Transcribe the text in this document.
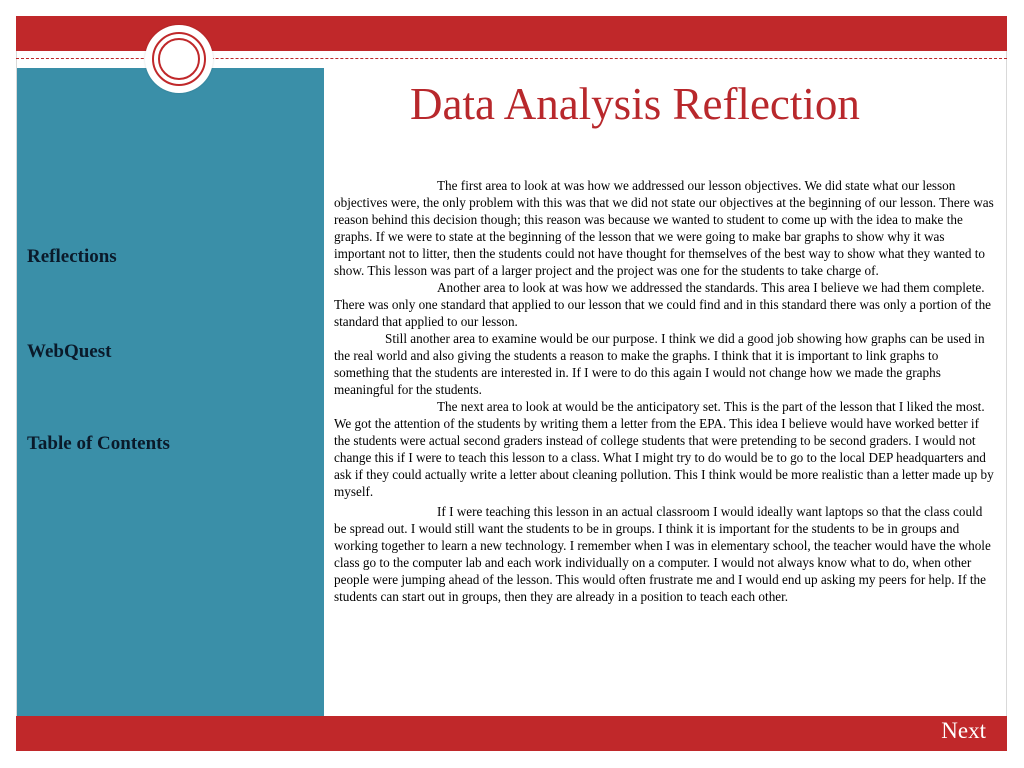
Reflections
WebQuest
Table of Contents
Data Analysis Reflection

The first area to look at was how we addressed our lesson objectives. We did state what our lesson objectives were, the only problem with this was that we did not state our objectives at the beginning of our lesson. There was reason behind this decision though; this reason was because we wanted to student to come up with the idea to make the graphs. If we were to state at the beginning of the lesson that we were going to make bar graphs to show why it was important not to litter, then the students could not have thought for themselves of the best way to show what they wanted to show. This lesson was part of a larger project and the project was one for the students to take charge of.

Another area to look at was how we addressed the standards. This area I believe we had them complete. There was only one standard that applied to our lesson that we could find and in this standard there was only a portion of the standard that applied to our lesson.

Still another area to examine would be our purpose. I think we did a good job showing how graphs can be used in the real world and also giving the students a reason to make the graphs. I think that it is important to link graphs to something that the students are interested in. If I were to do this again I would not change how we made the graphs meaningful for the students.

The next area to look at would be the anticipatory set. This is the part of the lesson that I liked the most. We got the attention of the students by writing them a letter from the EPA. This idea I believe would have worked better if the students were actual second graders instead of college students that were pretending to be second graders. I would not change this if I were to teach this lesson to a class. What I might try to do would be to go to the local DEP headquarters and ask if they could actually write a letter about cleaning pollution. This I think would be more realistic than a letter made up by myself.

If I were teaching this lesson in an actual classroom I would ideally want laptops so that the class could be spread out. I would still want the students to be in groups. I think it is important for the students to be in groups and working together to learn a new technology. I remember when I was in elementary school, the teacher would have the whole class go to the computer lab and each work individually on a computer. I would not always know what to do, when other people were jumping ahead of the lesson. This would often frustrate me and I would end up asking my peers for help. If the students can start out in groups, then they are already in a position to teach each other.

Next
